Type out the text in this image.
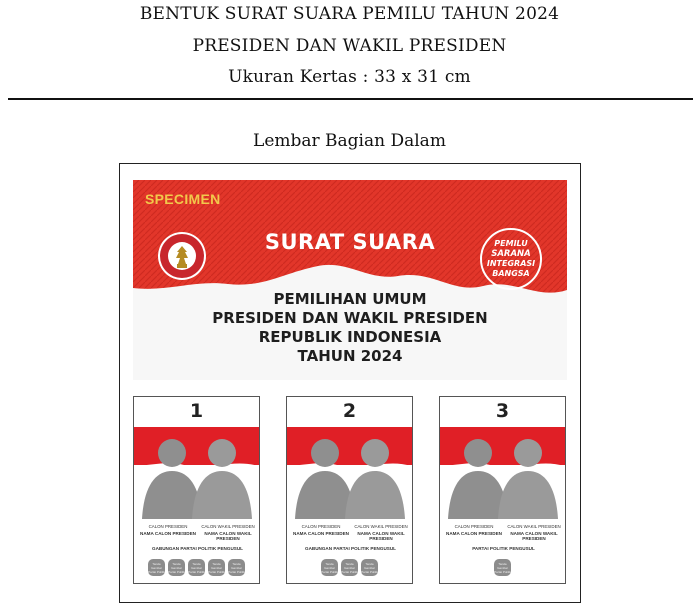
BENTUK SURAT SUARA PEMILU TAHUN 2024
PRESIDEN DAN WAKIL PRESIDEN
Ukuran Kertas : 33 x 31 cm
Lembar Bagian Dalam
SPECIMEN
SURAT SUARA	PEMILU
SARANA
INTEGRASI
BANGSA
PEMILIHAN UMUM
PRESIDEN DAN WAKIL PRESIDEN
REPUBLIK INDONESIA
TAHUN 2024
1
CALON PRESIDEN
NAMA CALON PRESIDEN
CALON WAKIL PRESIDEN
NAMA CALON WAKIL PRESIDEN
GABUNGAN PARTAI POLITIK PENGUSUL
Tanda Gambar Partai Politik
Tanda Gambar Partai Politik
Tanda Gambar Partai Politik
Tanda Gambar Partai Politik
Tanda Gambar Partai Politik
2
CALON PRESIDEN
NAMA CALON PRESIDEN
CALON WAKIL PRESIDEN
NAMA CALON WAKIL PRESIDEN
GABUNGAN PARTAI POLITIK PENGUSUL
Tanda Gambar Partai Politik
Tanda Gambar Partai Politik
Tanda Gambar Partai Politik
3
CALON PRESIDEN
NAMA CALON PRESIDEN
CALON WAKIL PRESIDEN
NAMA CALON WAKIL PRESIDEN
PARTAI POLITIK PENGUSUL
Tanda Gambar Partai Politik
